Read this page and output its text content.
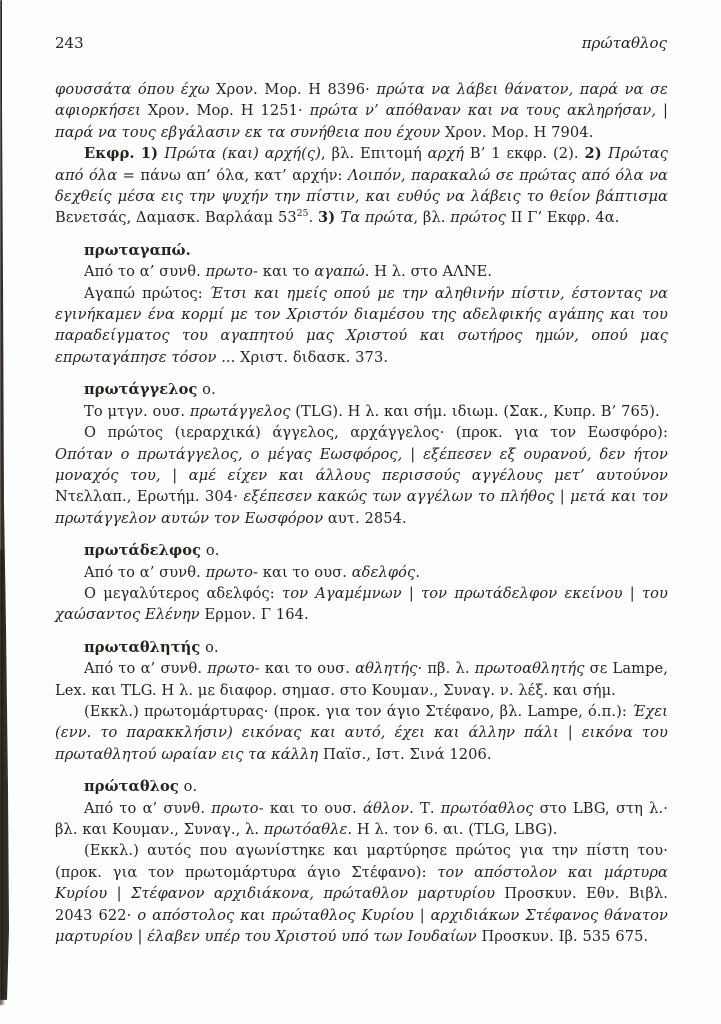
243	πρώταθλος

φουσσάτα όπου έχω Χρον. Μορ. Η 8396· πρώτα να λάβει θάνατον, παρά να σε αφιορκήσει Χρον. Μορ. Η 1251· πρώτα ν’ απόθαναν και να τους ακληρήσαν, | παρά να τους εβγάλασιν εκ τα συνήθεια που έχουν Χρον. Μορ. Η 7904.

Εκφρ. 1) Πρώτα (και) αρχή(ς), βλ. Επιτομή αρχή Β’ 1 εκφρ. (2). 2) Πρώτας από όλα = πάνω απ’ όλα, κατ’ αρχήν: Λοιπόν, παρακαλώ σε πρώτας από όλα να δεχθείς μέσα εις την ψυχήν την πίστιν, και ευθύς να λάβεις το θείον βάπτισμα Βενετσάς, Δαμασκ. Βαρλάαμ $53^{25}$. 3) Τα πρώτα, βλ. πρώτος ΙΙ Γ’ Εκφρ. 4α.

πρωταγαπώ.

Από το α’ συνθ. πρωτο- και το αγαπώ. Η λ. στο ΑΛΝΕ.

Αγαπώ πρώτος: Έτσι και ημείς οπού με την αληθινήν πίστιν, έστοντας να εγινήκαμεν ένα κορμί με τον Χριστόν διαμέσου της αδελφικής αγάπης και του παραδείγματος του αγαπητού μας Χριστού και σωτήρος ημών, οπού μας επρωταγάπησε τόσον ... Χριστ. διδασκ. 373.

πρωτάγγελος ο.

Το μτγν. ουσ. πρωτάγγελος (TLG). Η λ. και σήμ. ιδιωμ. (Σακ., Κυπρ. Β’ 765).

Ο πρώτος (ιεραρχικά) άγγελος, αρχάγγελος· (προκ. για τον Εωσφόρο): Οπόταν ο πρωτάγγελος, ο μέγας Εωσφόρος, | εξέπεσεν εξ ουρανού, δεν ήτον μοναχός του, | αμέ είχεν και άλλους περισσούς αγγέλους μετ’ αυτούνον Ντελλαπ., Ερωτήμ. 304· εξέπεσεν κακώς των αγγέλων το πλήθος | μετά και τον πρωτάγγελον αυτών τον Εωσφόρον αυτ. 2854.

πρωτάδελφος ο.

Από το α’ συνθ. πρωτο- και το ουσ. αδελφός.

Ο μεγαλύτερος αδελφός: τον Αγαμέμνων | τον πρωτάδελφον εκείνου | του χαώσαντος Ελένην Ερμον. Γ 164.

πρωταθλητής ο.

Από το α’ συνθ. πρωτο- και το ουσ. αθλητής· πβ. λ. πρωτοαθλητής σε Lampe, Lex. και TLG. Η λ. με διαφορ. σημασ. στο Κουμαν., Συναγ. ν. λέξ. και σήμ.

(Εκκλ.) πρωτομάρτυρας· (προκ. για τον άγιο Στέφανο, βλ. Lampe, ό.π.): Έχει (ενν. το παρακκλήσιν) εικόνας και αυτό, έχει και άλλην πάλι | εικόνα του πρωταθλητού ωραίαν εις τα κάλλη Παϊσ., Ιστ. Σινά 1206.

πρώταθλος ο.

Από το α’ συνθ. πρωτο- και το ουσ. άθλον. Τ. πρωτόαθλος στο LBG, στη λ.· βλ. και Κουμαν., Συναγ., λ. πρωτόαθλε. Η λ. τον 6. αι. (TLG, LBG).

(Εκκλ.) αυτός που αγωνίστηκε και μαρτύρησε πρώτος για την πίστη του· (προκ. για τον πρωτομάρτυρα άγιο Στέφανο): τον απόστολον και μάρτυρα Κυρίου | Στέφανον αρχιδιάκονα, πρώταθλον μαρτυρίου Προσκυν. Εθν. Βιβλ. 2043 622· ο απόστολος και πρώταθλος Κυρίου | αρχιδιάκων Στέφανος θάνατον μαρτυρίου | έλαβεν υπέρ του Χριστού υπό των Ιουδαίων Προσκυν. Ιβ. 535 675.
